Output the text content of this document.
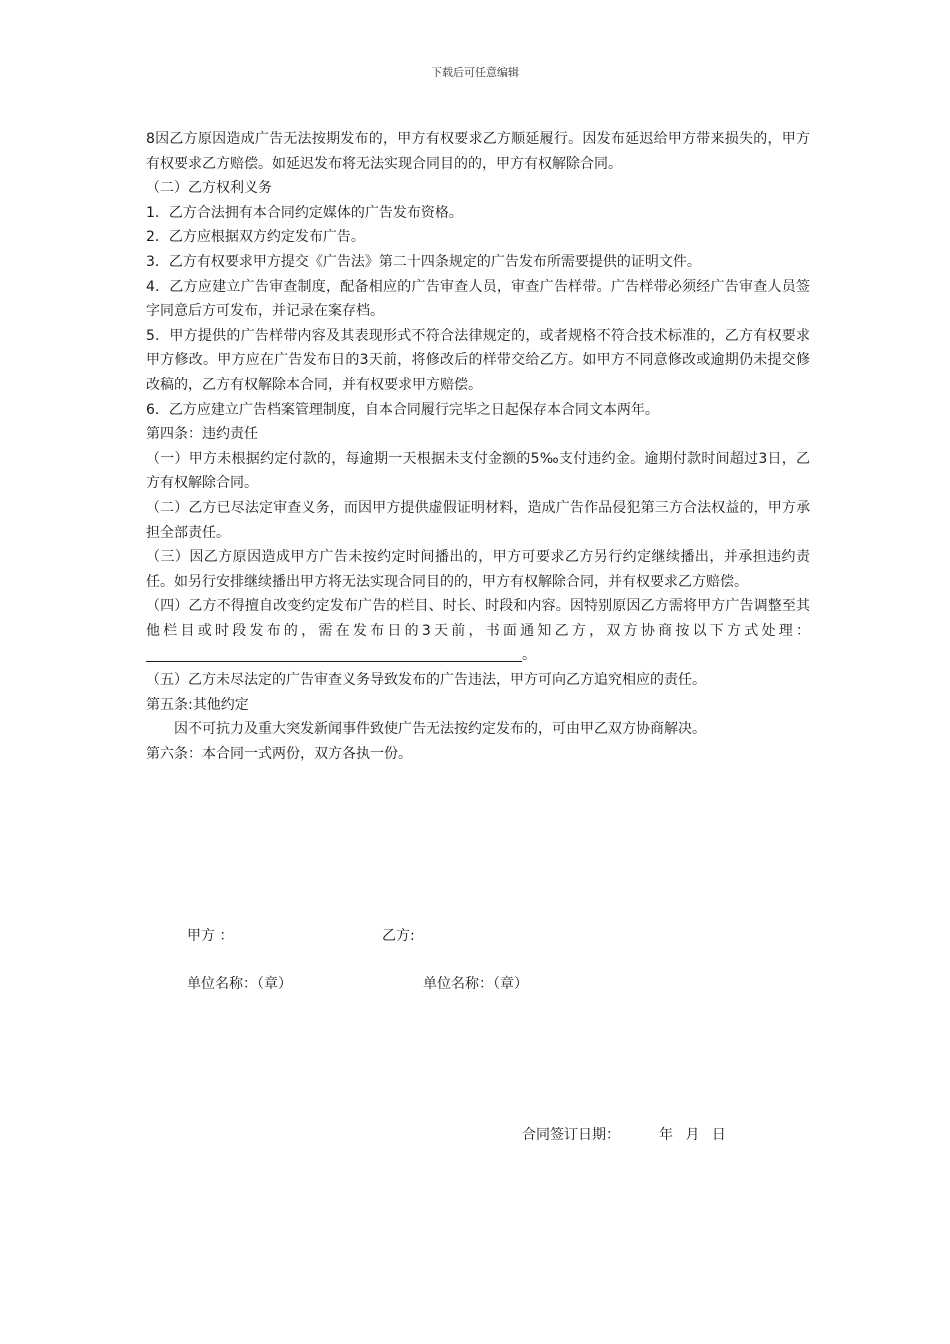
下载后可任意编辑

8因乙方原因造成广告无法按期发布的，甲方有权要求乙方顺延履行。因发布延迟给甲方带来损失的，甲方有权要求乙方赔偿。如延迟发布将无法实现合同目的的，甲方有权解除合同。

（二）乙方权利义务

1．乙方合法拥有本合同约定媒体的广告发布资格。

2．乙方应根据双方约定发布广告。

3．乙方有权要求甲方提交《广告法》第二十四条规定的广告发布所需要提供的证明文件。

4．乙方应建立广告审查制度，配备相应的广告审查人员，审查广告样带。广告样带必须经广告审查人员签字同意后方可发布，并记录在案存档。

5．甲方提供的广告样带内容及其表现形式不符合法律规定的，或者规格不符合技术标准的，乙方有权要求甲方修改。甲方应在广告发布日的3天前，将修改后的样带交给乙方。如甲方不同意修改或逾期仍未提交修改稿的，乙方有权解除本合同，并有权要求甲方赔偿。

6．乙方应建立广告档案管理制度，自本合同履行完毕之日起保存本合同文本两年。

第四条：违约责任

（一）甲方未根据约定付款的，每逾期一天根据未支付金额的5‰支付违约金。逾期付款时间超过3日，乙方有权解除合同。

（二）乙方已尽法定审查义务，而因甲方提供虚假证明材料，造成广告作品侵犯第三方合法权益的，甲方承担全部责任。

（三）因乙方原因造成甲方广告未按约定时间播出的，甲方可要求乙方另行约定继续播出，并承担违约责任。如另行安排继续播出甲方将无法实现合同目的的，甲方有权解除合同，并有权要求乙方赔偿。

（四）乙方不得擅自改变约定发布广告的栏目、时长、时段和内容。因特别原因乙方需将甲方广告调整至其他栏目或时段发布的，需在发布日的3天前，书面通知乙方，双方协商按以下方式处理：。

（五）乙方未尽法定的广告审查义务导致发布的广告违法，甲方可向乙方追究相应的责任。

第五条:其他约定

因不可抗力及重大突发新闻事件致使广告无法按约定发布的，可由甲乙双方协商解决。

第六条：本合同一式两份，双方各执一份。

甲方 ：	乙方:
单位名称：（章）	单位名称：（章）
合同签订日期：	年 月 日
